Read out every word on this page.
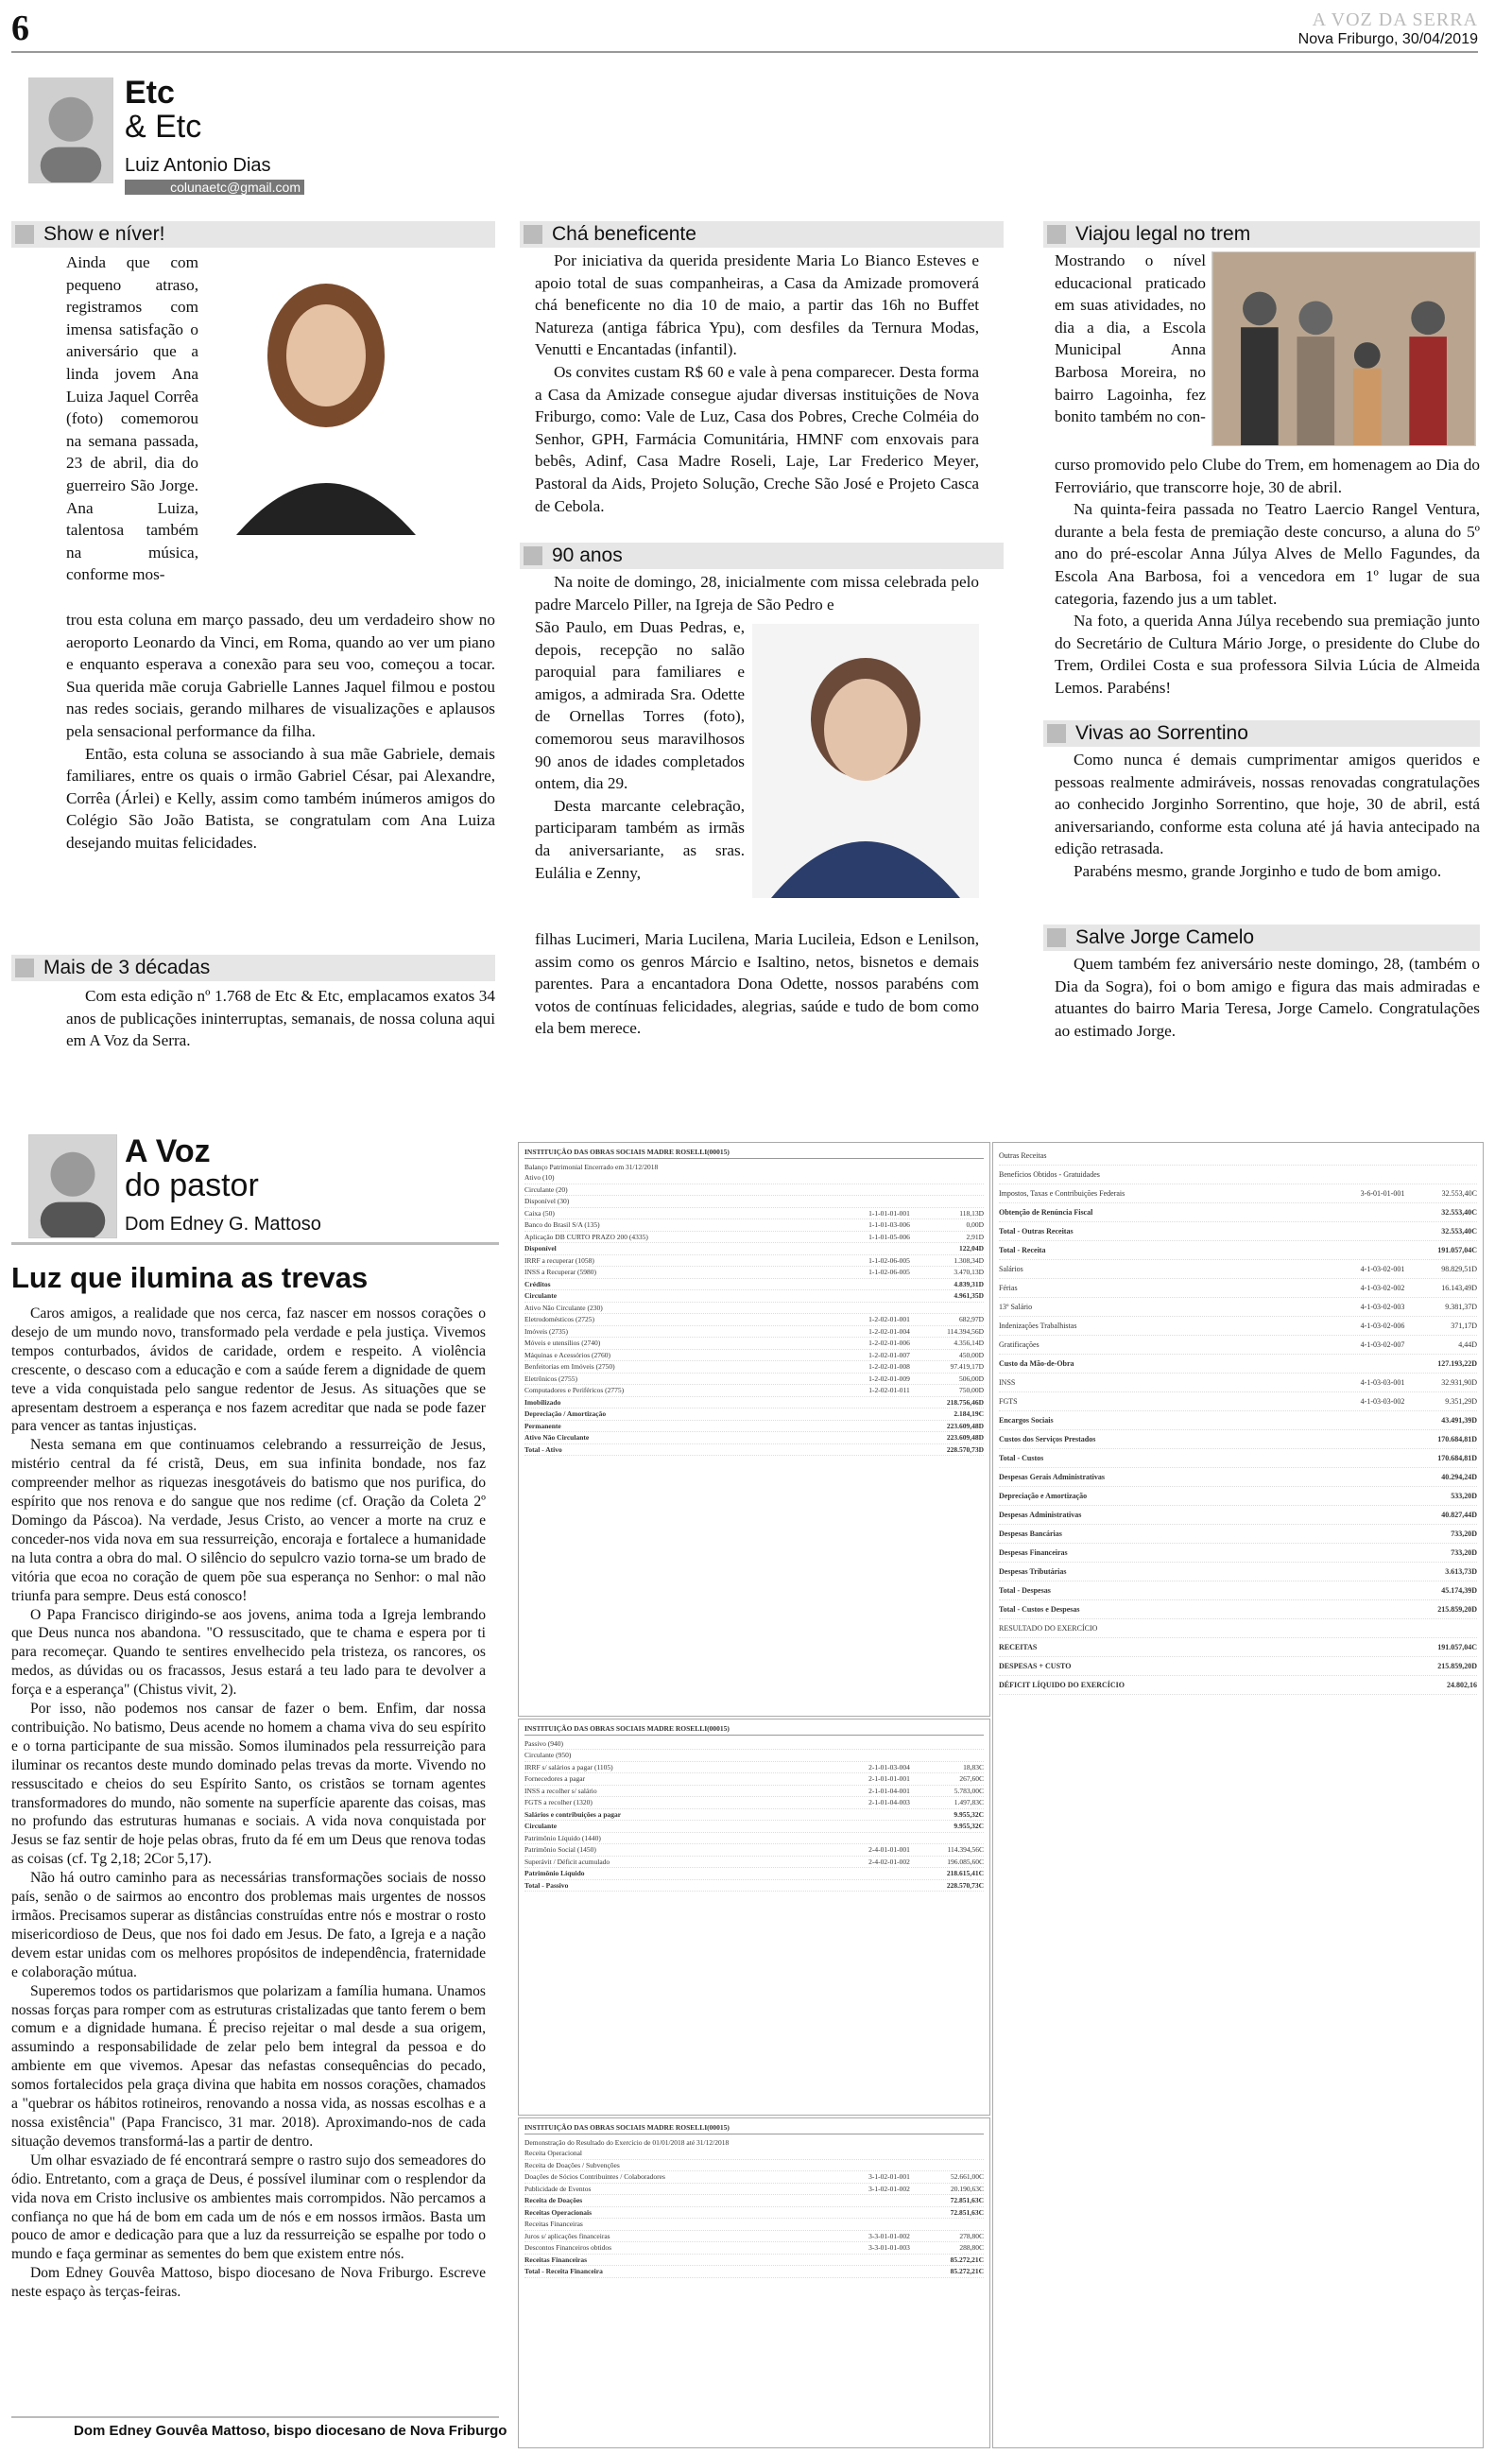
6	A VOZ DA SERRA
Nova Friburgo, 30/04/2019
Etc
& Etc
Luiz Antonio Dias
colunaetc@gmail.com
Show e níver!

Ainda que com pequeno atraso, registramos com imensa satisfação o aniversário que a linda jovem Ana Luiza Jaquel Corrêa (foto) comemorou na semana passada, 23 de abril, dia do guerreiro São Jorge. Ana Luiza, talentosa também na música, conforme mos-

trou esta coluna em março passado, deu um verdadeiro show no aeroporto Leonardo da Vinci, em Roma, quando ao ver um piano e enquanto esperava a conexão para seu voo, começou a tocar. Sua querida mãe coruja Gabrielle Lannes Jaquel filmou e postou nas redes sociais, gerando milhares de visualizações e aplausos pela sensacional performance da filha.

Então, esta coluna se associando à sua mãe Gabriele, demais familiares, entre os quais o irmão Gabriel César, pai Alexandre, Corrêa (Árlei) e Kelly, assim como também inúmeros amigos do Colégio São João Batista, se congratulam com Ana Luiza desejando muitas felicidades.

Mais de 3 décadas

Com esta edição nº 1.768 de Etc & Etc, emplacamos exatos 34 anos de publicações ininterruptas, semanais, de nossa coluna aqui em A Voz da Serra.

Chá beneficente

Por iniciativa da querida presidente Maria Lo Bianco Esteves e apoio total de suas companheiras, a Casa da Amizade promoverá chá beneficente no dia 10 de maio, a partir das 16h no Buffet Natureza (antiga fábrica Ypu), com desfiles da Ternura Modas, Venutti e Encantadas (infantil).

Os convites custam R$ 60 e vale à pena comparecer. Desta forma a Casa da Amizade consegue ajudar diversas instituições de Nova Friburgo, como: Vale de Luz, Casa dos Pobres, Creche Colméia do Senhor, GPH, Farmácia Comunitária, HMNF com enxovais para bebês, Adinf, Casa Madre Roseli, Laje, Lar Frederico Meyer, Pastoral da Aids, Projeto Solução, Creche São José e Projeto Casca de Cebola.

90 anos

Na noite de domingo, 28, inicialmente com missa celebrada pelo padre Marcelo Piller, na Igreja de São Pedro e

São Paulo, em Duas Pedras, e, depois, recepção no salão paroquial para familiares e amigos, a admirada Sra. Odette de Ornellas Torres (foto), comemorou seus maravilhosos 90 anos de idades completados ontem, dia 29.

Desta marcante celebração, participaram também as irmãs da aniversariante, as sras. Eulália e Zenny,

filhas Lucimeri, Maria Lucilena, Maria Lucileia, Edson e Lenilson, assim como os genros Márcio e Isaltino, netos, bisnetos e demais parentes. Para a encantadora Dona Odette, nossos parabéns com votos de contínuas felicidades, alegrias, saúde e tudo de bom como ela bem merece.

Viajou legal no trem

Mostrando o nível educacional praticado em suas atividades, no dia a dia, a Escola Municipal Anna Barbosa Moreira, no bairro Lagoinha, fez bonito também no con-

curso promovido pelo Clube do Trem, em homenagem ao Dia do Ferroviário, que transcorre hoje, 30 de abril.

Na quinta-feira passada no Teatro Laercio Rangel Ventura, durante a bela festa de premiação deste concurso, a aluna do 5º ano do pré-escolar Anna Júlya Alves de Mello Fagundes, da Escola Ana Barbosa, foi a vencedora em 1º lugar de sua categoria, fazendo jus a um tablet.

Na foto, a querida Anna Júlya recebendo sua premiação junto do Secretário de Cultura Mário Jorge, o presidente do Clube do Trem, Ordilei Costa e sua professora Silvia Lúcia de Almeida Lemos. Parabéns!

Vivas ao Sorrentino

Como nunca é demais cumprimentar amigos queridos e pessoas realmente admiráveis, nossas renovadas congratulações ao conhecido Jorginho Sorrentino, que hoje, 30 de abril, está aniversariando, conforme esta coluna até já havia antecipado na edição retrasada.

Parabéns mesmo, grande Jorginho e tudo de bom amigo.

Salve Jorge Camelo

Quem também fez aniversário neste domingo, 28, (também o Dia da Sogra), foi o bom amigo e figura das mais admiradas e atuantes do bairro Maria Teresa, Jorge Camelo. Congratulações ao estimado Jorge.

A Voz
do pastor
Dom Edney G. Mattoso
Luz que ilumina as trevas

Caros amigos, a realidade que nos cerca, faz nascer em nossos corações o desejo de um mundo novo, transformado pela verdade e pela justiça. Vivemos tempos conturbados, ávidos de caridade, ordem e respeito. A violência crescente, o descaso com a educação e com a saúde ferem a dignidade de quem teve a vida conquistada pelo sangue redentor de Jesus. As situações que se apresentam destroem a esperança e nos fazem acreditar que nada se pode fazer para vencer as tantas injustiças.

Nesta semana em que continuamos celebrando a ressurreição de Jesus, mistério central da fé cristã, Deus, em sua infinita bondade, nos faz compreender melhor as riquezas inesgotáveis do batismo que nos purifica, do espírito que nos renova e do sangue que nos redime (cf. Oração da Coleta 2º Domingo da Páscoa). Na verdade, Jesus Cristo, ao vencer a morte na cruz e conceder-nos vida nova em sua ressurreição, encoraja e fortalece a humanidade na luta contra a obra do mal. O silêncio do sepulcro vazio torna-se um brado de vitória que ecoa no coração de quem põe sua esperança no Senhor: o mal não triunfa para sempre. Deus está conosco!

O Papa Francisco dirigindo-se aos jovens, anima toda a Igreja lembrando que Deus nunca nos abandona. "O ressuscitado, que te chama e espera por ti para recomeçar. Quando te sentires envelhecido pela tristeza, os rancores, os medos, as dúvidas ou os fracassos, Jesus estará a teu lado para te devolver a força e a esperança" (Chistus vivit, 2).

Por isso, não podemos nos cansar de fazer o bem. Enfim, dar nossa contribuição. No batismo, Deus acende no homem a chama viva do seu espírito e o torna participante de sua missão. Somos iluminados pela ressurreição para iluminar os recantos deste mundo dominado pelas trevas da morte. Vivendo no ressuscitado e cheios do seu Espírito Santo, os cristãos se tornam agentes transformadores do mundo, não somente na superfície aparente das coisas, mas no profundo das estruturas humanas e sociais. A vida nova conquistada por Jesus se faz sentir de hoje pelas obras, fruto da fé em um Deus que renova todas as coisas (cf. Tg 2,18; 2Cor 5,17).

Não há outro caminho para as necessárias transformações sociais de nosso país, senão o de sairmos ao encontro dos problemas mais urgentes de nossos irmãos. Precisamos superar as distâncias construídas entre nós e mostrar o rosto misericordioso de Deus, que nos foi dado em Jesus. De fato, a Igreja e a nação devem estar unidas com os melhores propósitos de independência, fraternidade e colaboração mútua.

Superemos todos os partidarismos que polarizam a família humana. Unamos nossas forças para romper com as estruturas cristalizadas que tanto ferem o bem comum e a dignidade humana. É preciso rejeitar o mal desde a sua origem, assumindo a responsabilidade de zelar pelo bem integral da pessoa e do ambiente em que vivemos. Apesar das nefastas consequências do pecado, somos fortalecidos pela graça divina que habita em nossos corações, chamados a "quebrar os hábitos rotineiros, renovando a nossa vida, as nossas escolhas e a nossa existência" (Papa Francisco, 31 mar. 2018). Aproximando-nos de cada situação devemos transformá-las a partir de dentro.

Um olhar esvaziado de fé encontrará sempre o rastro sujo dos semeadores do ódio. Entretanto, com a graça de Deus, é possível iluminar com o resplendor da vida nova em Cristo inclusive os ambientes mais corrompidos. Não percamos a confiança no que há de bom em cada um de nós e em nossos irmãos. Basta um pouco de amor e dedicação para que a luz da ressurreição se espalhe por todo o mundo e faça germinar as sementes do bem que existem entre nós.

Dom Edney Gouvêa Mattoso, bispo diocesano de Nova Friburgo. Escreve neste espaço às terças-feiras.

Dom Edney Gouvêa Mattoso, bispo diocesano de Nova Friburgo
INSTITUIÇÃO DAS OBRAS SOCIAIS MADRE ROSELLI(00015)
Balanço Patrimonial Encerrado em 31/12/2018
Ativo (10)
Circulante (20)
Disponível (30)
Caixa (50)	1-1-01-01-001	118,13D
Banco do Brasil S/A (135)	1-1-01-03-006	0,00D
Aplicação DB CURTO PRAZO 200 (4335)	1-1-01-05-006	2,91D
Disponível	122,04D
IRRF a recuperar (1058)	1-1-02-06-005	1.308,34D
INSS a Recuperar (5980)	1-1-02-06-005	3.470,13D
Créditos	4.839,31D
Circulante	4.961,35D
Ativo Não Circulante (230)
Eletrodomésticos (2725)	1-2-02-01-001	682,97D
Imóveis (2735)	1-2-02-01-004	114.394,56D
Móveis e utensílios (2740)	1-2-02-01-006	4.356,14D
Máquinas e Acessórios (2760)	1-2-02-01-007	450,00D
Benfeitorias em Imóveis (2750)	1-2-02-01-008	97.419,17D
Eletrônicos (2755)	1-2-02-01-009	506,00D
Computadores e Periféricos (2775)	1-2-02-01-011	750,00D
Imobilizado	218.756,46D
Depreciação / Amortização	2.184,19C
Permanente	223.609,48D
Ativo Não Circulante	223.609,48D
Total - Ativo	228.570,73D
INSTITUIÇÃO DAS OBRAS SOCIAIS MADRE ROSELLI(00015)
Passivo (940)
Circulante (950)
IRRF s/ salários a pagar (1105)	2-1-01-03-004	18,83C
Fornecedores a pagar	2-1-01-01-001	267,60C
INSS a recolher s/ salário	2-1-01-04-001	5.783,00C
FGTS a recolher (1320)	2-1-01-04-003	1.497,83C
Salários e contribuições a pagar	9.955,32C
Circulante	9.955,32C
Patrimônio Líquido (1440)
Patrimônio Social (1450)	2-4-01-01-001	114.394,56C
Superávit / Déficit acumulado	2-4-02-01-002	196.085,60C
Patrimônio Líquido	218.615,41C
Total - Passivo	228.570,73C
INSTITUIÇÃO DAS OBRAS SOCIAIS MADRE ROSELLI(00015)
Demonstração do Resultado do Exercício de 01/01/2018 até 31/12/2018
Receita Operacional
Receita de Doações / Subvenções
Doações de Sócios Contribuintes / Colaboradores	3-1-02-01-001	52.661,00C
Publicidade de Eventos	3-1-02-01-002	20.190,63C
Receita de Doações	72.851,63C
Receitas Operacionais	72.851,63C
Receitas Financeiras
Juros s/ aplicações financeiras	3-3-01-01-002	278,80C
Descontos Financeiros obtidos	3-3-01-01-003	288,80C
Receitas Financeiras	85.272,21C
Total - Receita Financeira	85.272,21C
Outras Receitas
Benefícios Obtidos - Gratuidades
Impostos, Taxas e Contribuições Federais	3-6-01-01-001	32.553,40C
Obtenção de Renúncia Fiscal	32.553,40C
Total - Outras Receitas	32.553,40C
Total - Receita	191.057,04C
Salários	4-1-03-02-001	98.829,51D
Férias	4-1-03-02-002	16.143,49D
13º Salário	4-1-03-02-003	9.381,37D
Indenizações Trabalhistas	4-1-03-02-006	371,17D
Gratificações	4-1-03-02-007	4,44D
Custo da Mão-de-Obra	127.193,22D
INSS	4-1-03-03-001	32.931,90D
FGTS	4-1-03-03-002	9.351,29D
Encargos Sociais	43.491,39D
Custos dos Serviços Prestados	170.684,81D
Total - Custos	170.684,81D
Despesas Gerais Administrativas	40.294,24D
Depreciação e Amortização	533,20D
Despesas Administrativas	40.827,44D
Despesas Bancárias	733,20D
Despesas Financeiras	733,20D
Despesas Tributárias	3.613,73D
Total - Despesas	45.174,39D
Total - Custos e Despesas	215.859,20D
RESULTADO DO EXERCÍCIO
RECEITAS	191.057,04C
DESPESAS + CUSTO	215.859,20D
DÉFICIT LÍQUIDO DO EXERCÍCIO	24.802,16
